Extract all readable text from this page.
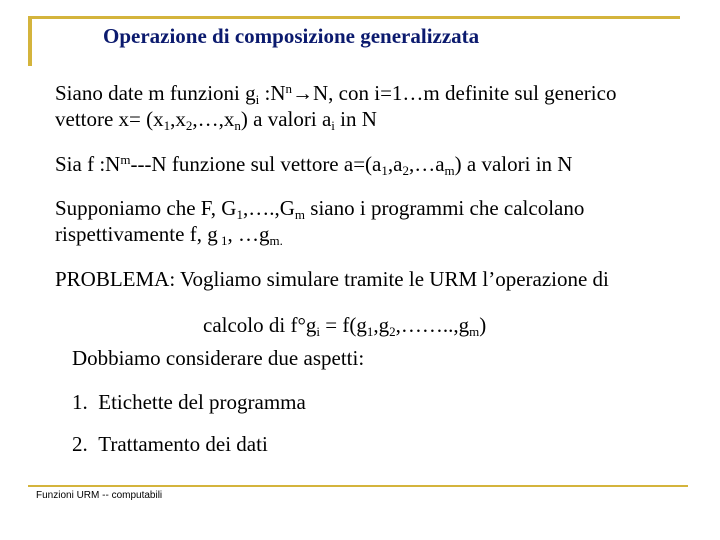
Operazione di composizione generalizzata
Siano date m funzioni $g_i$ $:N^n\to N$, con i=1…m definite sul generico
vettore $x= (x_1,x_2,\dots,x_n)$ a valori $a_i$ in N
Sia f $:N^m---N$ funzione sul vettore $a=(a_1,a_2,\dots a_m)$ a valori in N
Supponiamo che F, $G_1,\dots.,G_m$ siano i programmi che calcolano
rispettivamente f, g $_1$, $\dots g_{m.}$
PROBLEMA: Vogliamo simulare tramite le URM l’operazione di
calcolo di $f^\circ g_i$ = $f(g_1,g_2,\dots\dots..,g_m)$
Dobbiamo considerare due aspetti:
1. Etichette del programma
2. Trattamento dei dati
Funzioni URM -- computabili
